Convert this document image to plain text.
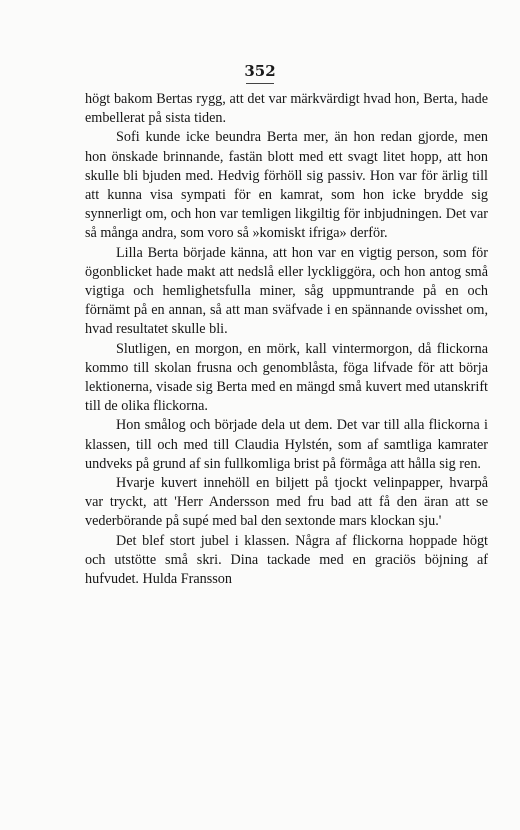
352

högt bakom Bertas rygg, att det var märkvärdigt hvad hon, Berta, hade embellerat på sista tiden.

Sofi kunde icke beundra Berta mer, än hon redan gjorde, men hon önskade brinnande, fastän blott med ett svagt litet hopp, att hon skulle bli bjuden med. Hedvig förhöll sig passiv. Hon var för ärlig till att kunna visa sympati för en kamrat, som hon icke brydde sig synnerligt om, och hon var temligen likgiltig för inbjudningen. Det var så många andra, som voro så »komiskt ifriga» derför.

Lilla Berta började känna, att hon var en vigtig person, som för ögonblicket hade makt att nedslå eller lyckliggöra, och hon antog små vigtiga och hemlighetsfulla miner, såg uppmuntrande på en och förnämt på en annan, så att man sväfvade i en spännande ovisshet om, hvad resultatet skulle bli.

Slutligen, en morgon, en mörk, kall vintermorgon, då flickorna kommo till skolan frusna och genomblåsta, föga lifvade för att börja lektionerna, visade sig Berta med en mängd små kuvert med utanskrift till de olika flickorna.

Hon smålog och började dela ut dem. Det var till alla flickorna i klassen, till och med till Claudia Hylstén, som af samtliga kamrater undveks på grund af sin fullkomliga brist på förmåga att hålla sig ren.

Hvarje kuvert innehöll en biljett på tjockt velinpapper, hvarpå var tryckt, att 'Herr Andersson med fru bad att få den äran att se vederbörande på supé med bal den sextonde mars klockan sju.'

Det blef stort jubel i klassen. Några af flickorna hoppade högt och utstötte små skri. Dina tackade med en graciös böjning af hufvudet. Hulda Fransson
